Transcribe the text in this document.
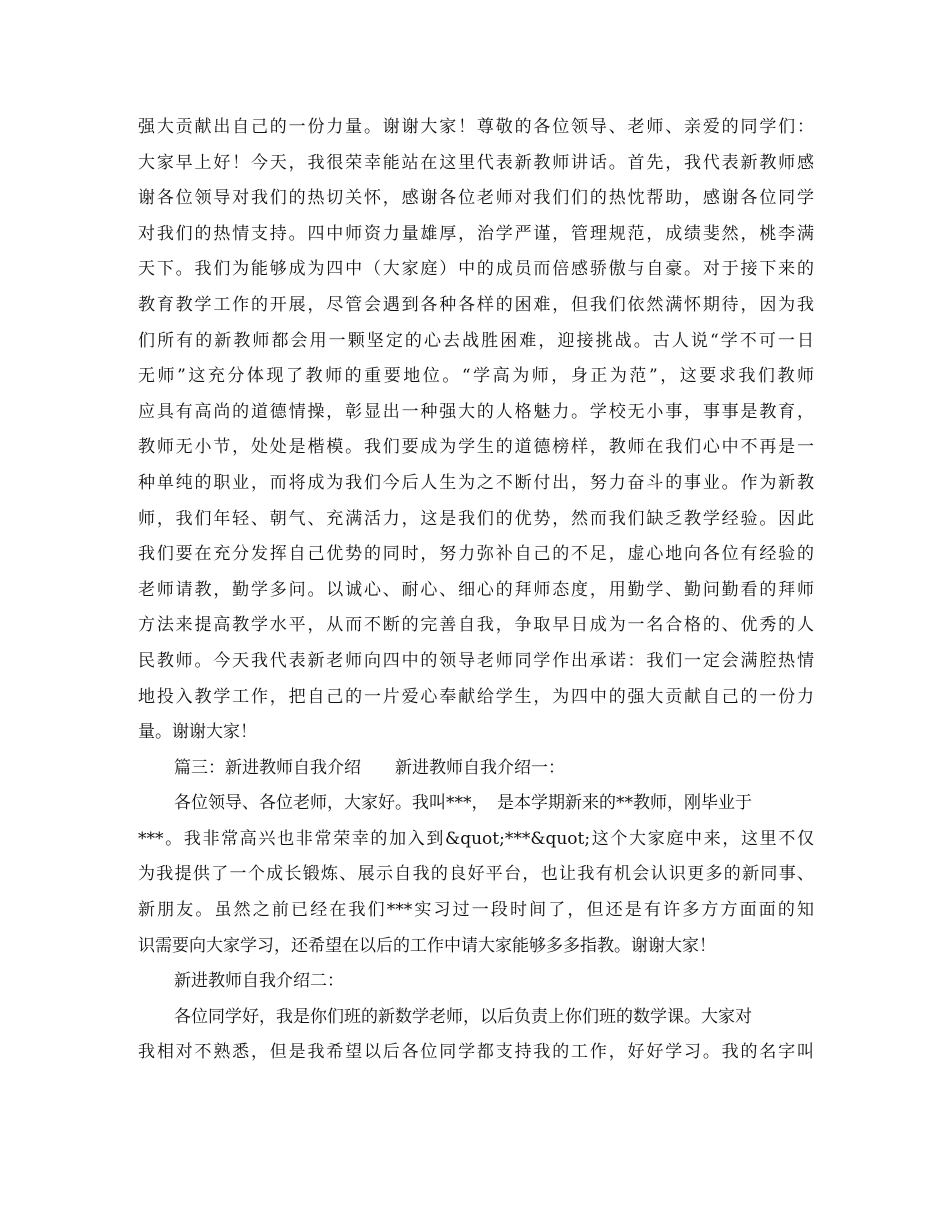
强大贡献出自己的一份力量。谢谢大家！尊敬的各位领导、老师、亲爱的同学们：
大家早上好！今天，我很荣幸能站在这里代表新教师讲话。首先，我代表新教师感
谢各位领导对我们的热切关怀，感谢各位老师对我们们的热忱帮助，感谢各位同学
对我们的热情支持。四中师资力量雄厚，治学严谨，管理规范，成绩斐然，桃李满
天下。我们为能够成为四中（大家庭）中的成员而倍感骄傲与自豪。对于接下来的
教育教学工作的开展，尽管会遇到各种各样的困难，但我们依然满怀期待，因为我
们所有的新教师都会用一颗坚定的心去战胜困难，迎接挑战。古人说“学不可一日
无师”这充分体现了教师的重要地位。“学高为师，身正为范”，这要求我们教师
应具有高尚的道德情操，彰显出一种强大的人格魅力。学校无小事，事事是教育，
教师无小节，处处是楷模。我们要成为学生的道德榜样，教师在我们心中不再是一
种单纯的职业，而将成为我们今后人生为之不断付出，努力奋斗的事业。作为新教
师，我们年轻、朝气、充满活力，这是我们的优势，然而我们缺乏教学经验。因此
我们要在充分发挥自己优势的同时，努力弥补自己的不足，虚心地向各位有经验的
老师请教，勤学多问。以诚心、耐心、细心的拜师态度，用勤学、勤问勤看的拜师
方法来提高教学水平，从而不断的完善自我，争取早日成为一名合格的、优秀的人
民教师。今天我代表新老师向四中的领导老师同学作出承诺：我们一定会满腔热情
地投入教学工作，把自己的一片爱心奉献给学生，为四中的强大贡献自己的一份力
量。谢谢大家！
篇三：新进教师自我介绍　　新进教师自我介绍一：
各位领导、各位老师，大家好。我叫***，　是本学期新来的**教师，刚毕业于
***。我非常高兴也非常荣幸的加入到&quot;***&quot;这个大家庭中来，这里不仅
为我提供了一个成长锻炼、展示自我的良好平台，也让我有机会认识更多的新同事、
新朋友。虽然之前已经在我们***实习过一段时间了，但还是有许多方方面面的知
识需要向大家学习，还希望在以后的工作中请大家能够多多指教。谢谢大家！
新进教师自我介绍二：
各位同学好，我是你们班的新数学老师，以后负责上你们班的数学课。大家对
我相对不熟悉，但是我希望以后各位同学都支持我的工作，好好学习。我的名字叫
